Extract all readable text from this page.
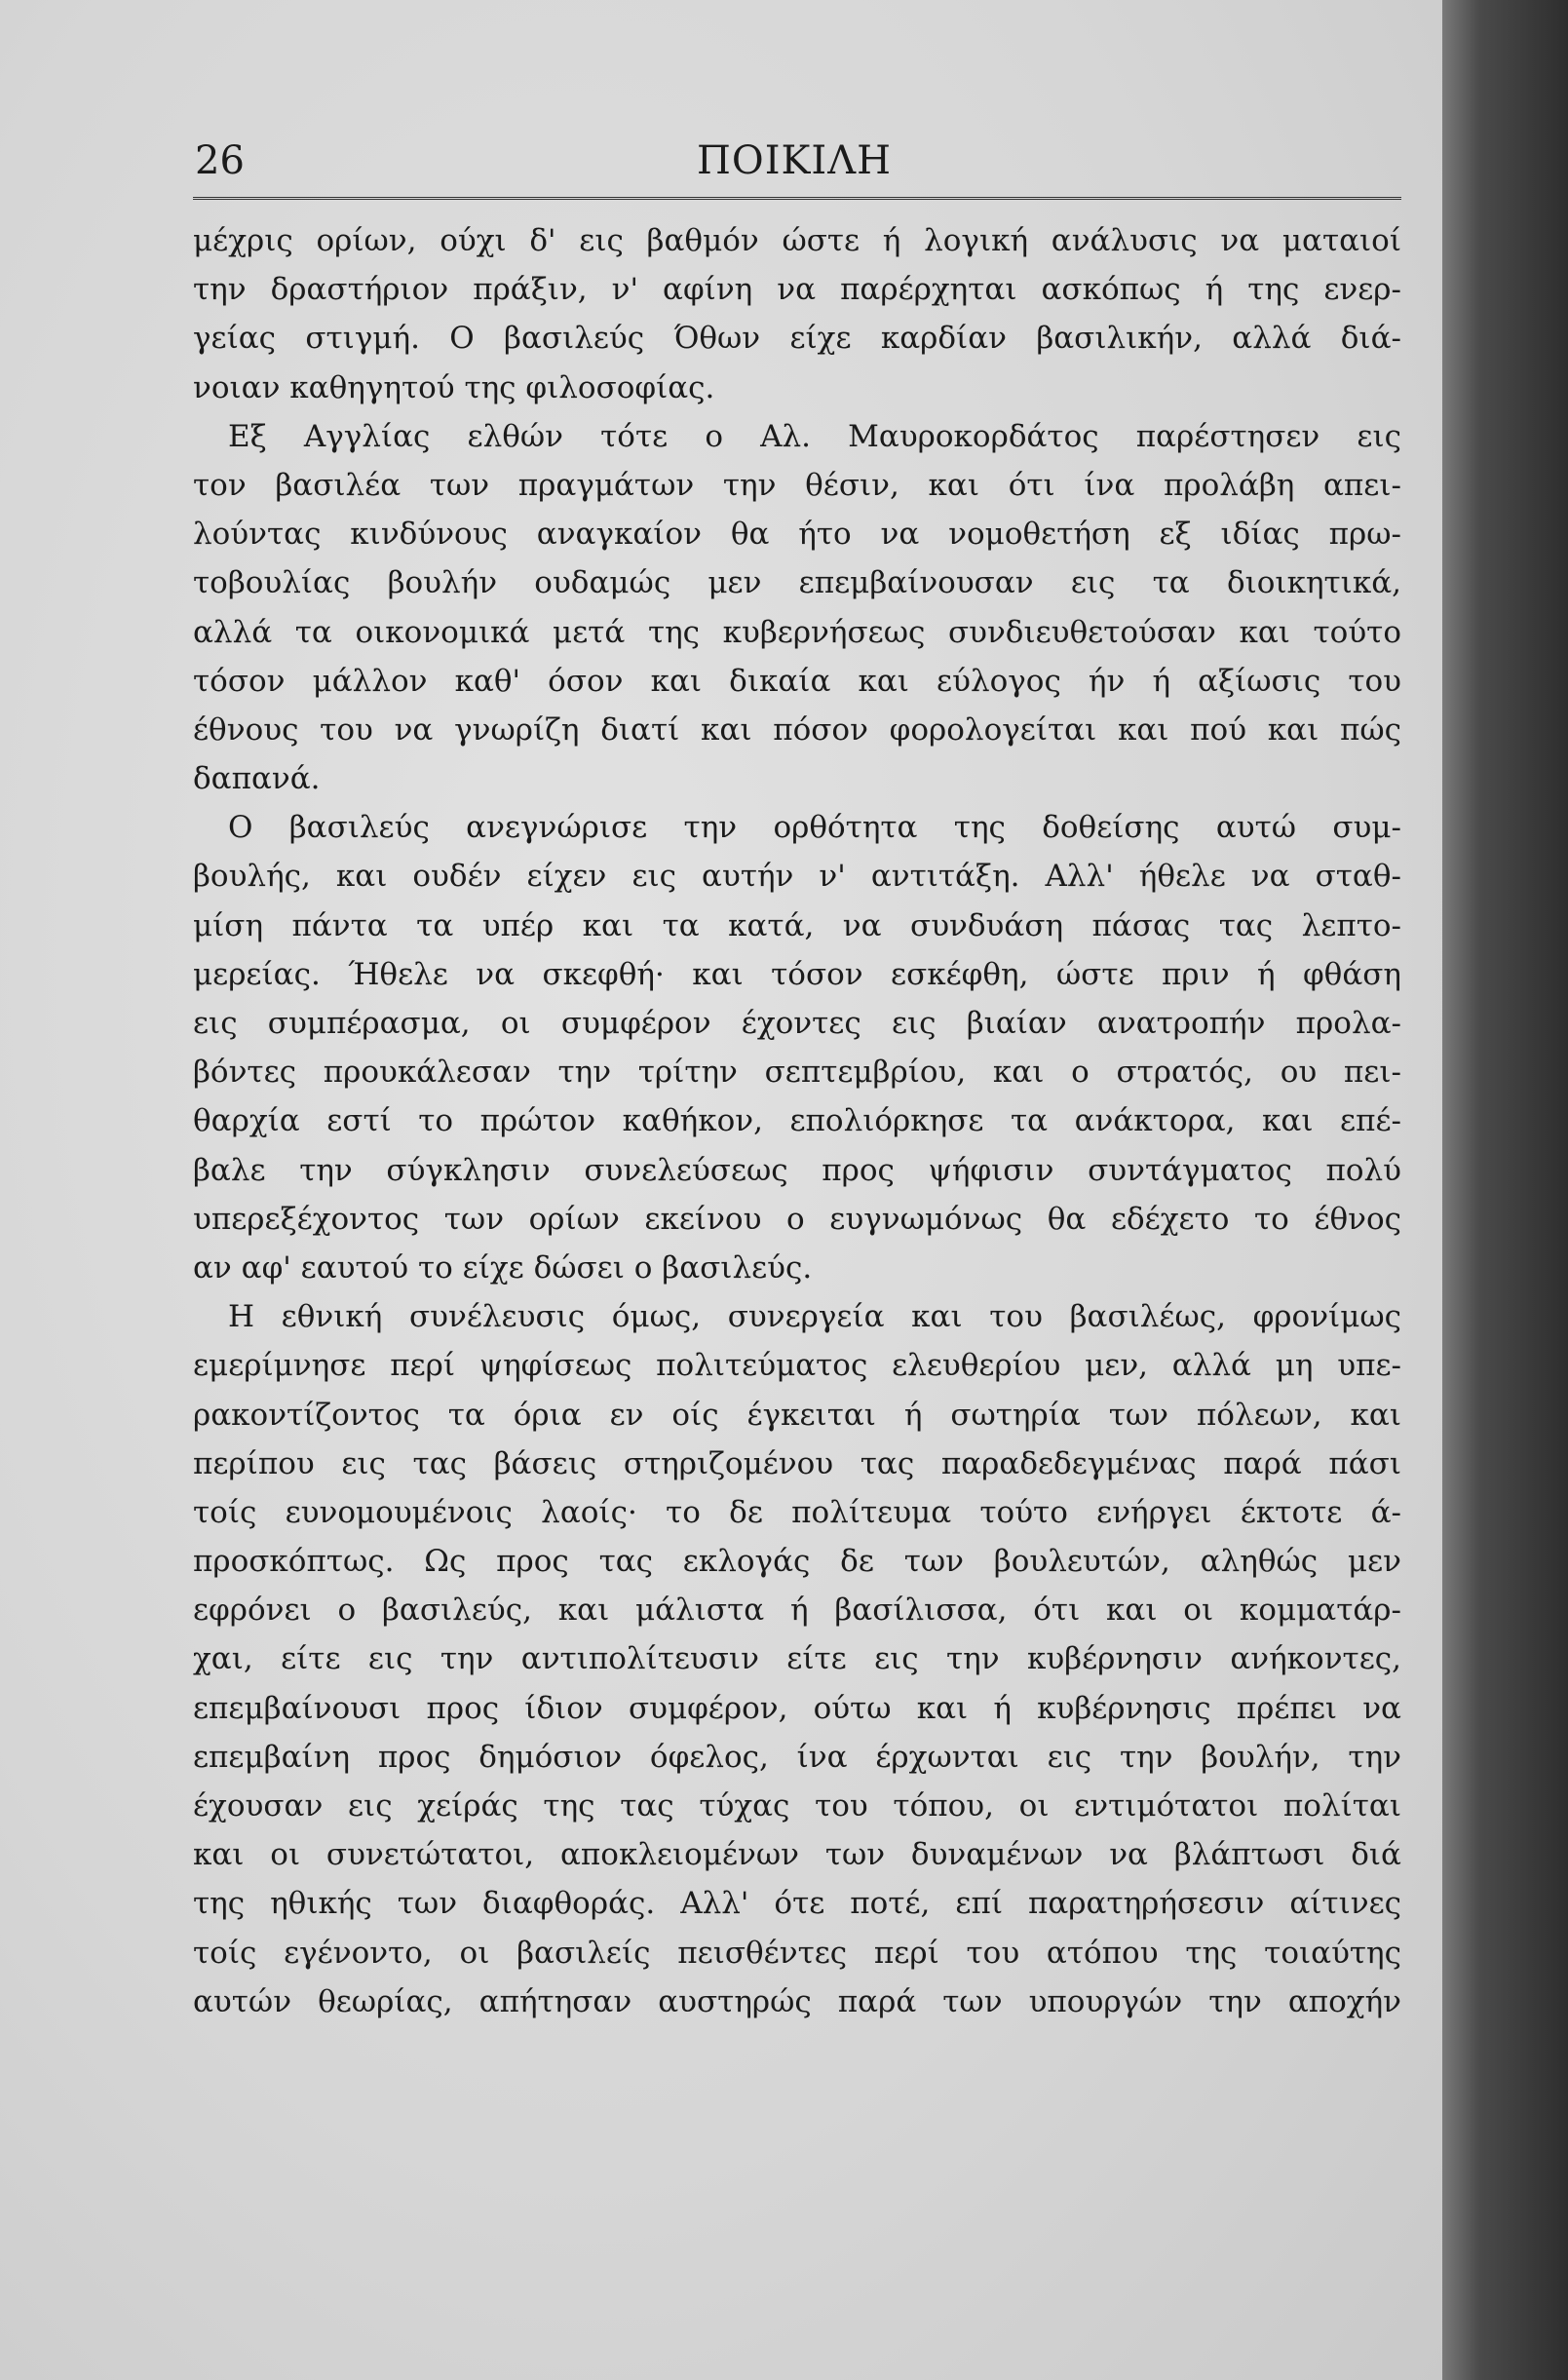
26	ΠΟΙΚΙΛΗ
μέχρις ορίων, ούχι δ' εις βαθμόν ώστε ή λογική ανάλυσις να ματαιοί
την δραστήριον πράξιν, ν' αφίνη να παρέρχηται ασκόπως ή της ενερ-
γείας στιγμή. Ο βασιλεύς Όθων είχε καρδίαν βασιλικήν, αλλά διά-
νοιαν καθηγητού της φιλοσοφίας.
Εξ Αγγλίας ελθών τότε ο Αλ. Μαυροκορδάτος παρέστησεν εις
τον βασιλέα των πραγμάτων την θέσιν, και ότι ίνα προλάβη απει-
λούντας κινδύνους αναγκαίον θα ήτο να νομοθετήση εξ ιδίας πρω-
τοβουλίας βουλήν ουδαμώς μεν επεμβαίνουσαν εις τα διοικητικά,
αλλά τα οικονομικά μετά της κυβερνήσεως συνδιευθετούσαν και τούτο
τόσον μάλλον καθ' όσον και δικαία και εύλογος ήν ή αξίωσις του
έθνους του να γνωρίζη διατί και πόσον φορολογείται και πού και πώς
δαπανά.
Ο βασιλεύς ανεγνώρισε την ορθότητα της δοθείσης αυτώ συμ-
βουλής, και ουδέν είχεν εις αυτήν ν' αντιτάξη. Αλλ' ήθελε να σταθ-
μίση πάντα τα υπέρ και τα κατά, να συνδυάση πάσας τας λεπτο-
μερείας. Ήθελε να σκεφθή· και τόσον εσκέφθη, ώστε πριν ή φθάση
εις συμπέρασμα, οι συμφέρον έχοντες εις βιαίαν ανατροπήν προλα-
βόντες προυκάλεσαν την τρίτην σεπτεμβρίου, και ο στρατός, ου πει-
θαρχία εστί το πρώτον καθήκον, επολιόρκησε τα ανάκτορα, και επέ-
βαλε την σύγκλησιν συνελεύσεως προς ψήφισιν συντάγματος πολύ
υπερεξέχοντος των ορίων εκείνου ο ευγνωμόνως θα εδέχετο το έθνος
αν αφ' εαυτού το είχε δώσει ο βασιλεύς.
Η εθνική συνέλευσις όμως, συνεργεία και του βασιλέως, φρονίμως
εμερίμνησε περί ψηφίσεως πολιτεύματος ελευθερίου μεν, αλλά μη υπε-
ρακοντίζοντος τα όρια εν οίς έγκειται ή σωτηρία των πόλεων, και
περίπου εις τας βάσεις στηριζομένου τας παραδεδεγμένας παρά πάσι
τοίς ευνομουμένοις λαοίς· το δε πολίτευμα τούτο ενήργει έκτοτε ά-
προσκόπτως. Ως προς τας εκλογάς δε των βουλευτών, αληθώς μεν
εφρόνει ο βασιλεύς, και μάλιστα ή βασίλισσα, ότι και οι κομματάρ-
χαι, είτε εις την αντιπολίτευσιν είτε εις την κυβέρνησιν ανήκοντες,
επεμβαίνουσι προς ίδιον συμφέρον, ούτω και ή κυβέρνησις πρέπει να
επεμβαίνη προς δημόσιον όφελος, ίνα έρχωνται εις την βουλήν, την
έχουσαν εις χείράς της τας τύχας του τόπου, οι εντιμότατοι πολίται
και οι συνετώτατοι, αποκλειομένων των δυναμένων να βλάπτωσι διά
της ηθικής των διαφθοράς. Αλλ' ότε ποτέ, επί παρατηρήσεσιν αίτινες
τοίς εγένοντο, οι βασιλείς πεισθέντες περί του ατόπου της τοιαύτης
αυτών θεωρίας, απήτησαν αυστηρώς παρά των υπουργών την αποχήν
